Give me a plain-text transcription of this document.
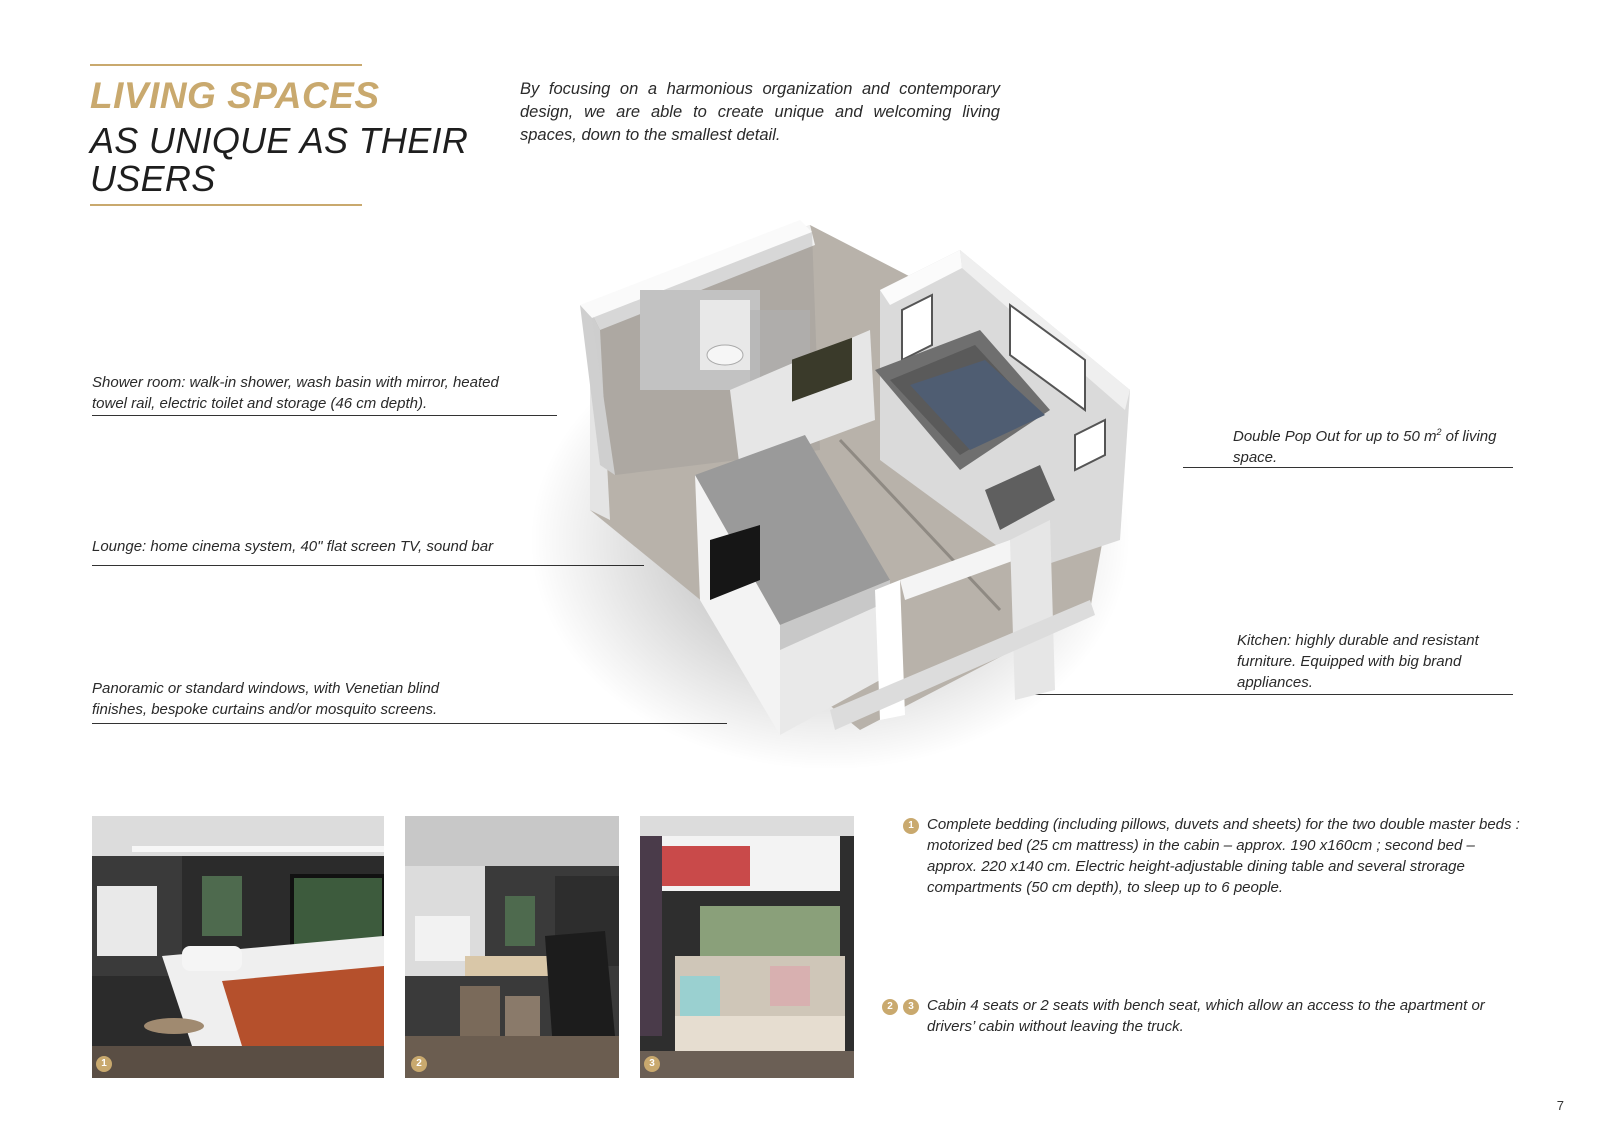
LIVING SPACES
AS UNIQUE AS THEIR USERS
By focusing on a harmonious organization and contemporary design, we are able to create unique and welcoming living spaces, down to the smallest detail.
Shower room: walk-in shower, wash basin with mirror, heated towel rail, electric toilet and storage (46 cm depth).
Lounge: home cinema system, 40" flat screen TV, sound bar
Panoramic or standard windows, with Venetian blind finishes, bespoke curtains and/or mosquito screens.
Double Pop Out for up to 50 $m^2$ of living space.
Kitchen: highly durable and resistant furniture. Equipped with big brand appliances.
1	2	3
1 Complete bedding (including pillows, duvets and sheets) for the two double master beds : motorized bed (25 cm mattress) in the cabin – approx. 190 x160cm ; second bed – approx. 220 x140 cm. Electric height-adjustable dining table and several strorage compartments (50 cm depth), to sleep up to 6 people.
2	3 Cabin 4 seats or 2 seats with bench seat, which allow an access to the apartment or drivers’ cabin without leaving the truck.
7
